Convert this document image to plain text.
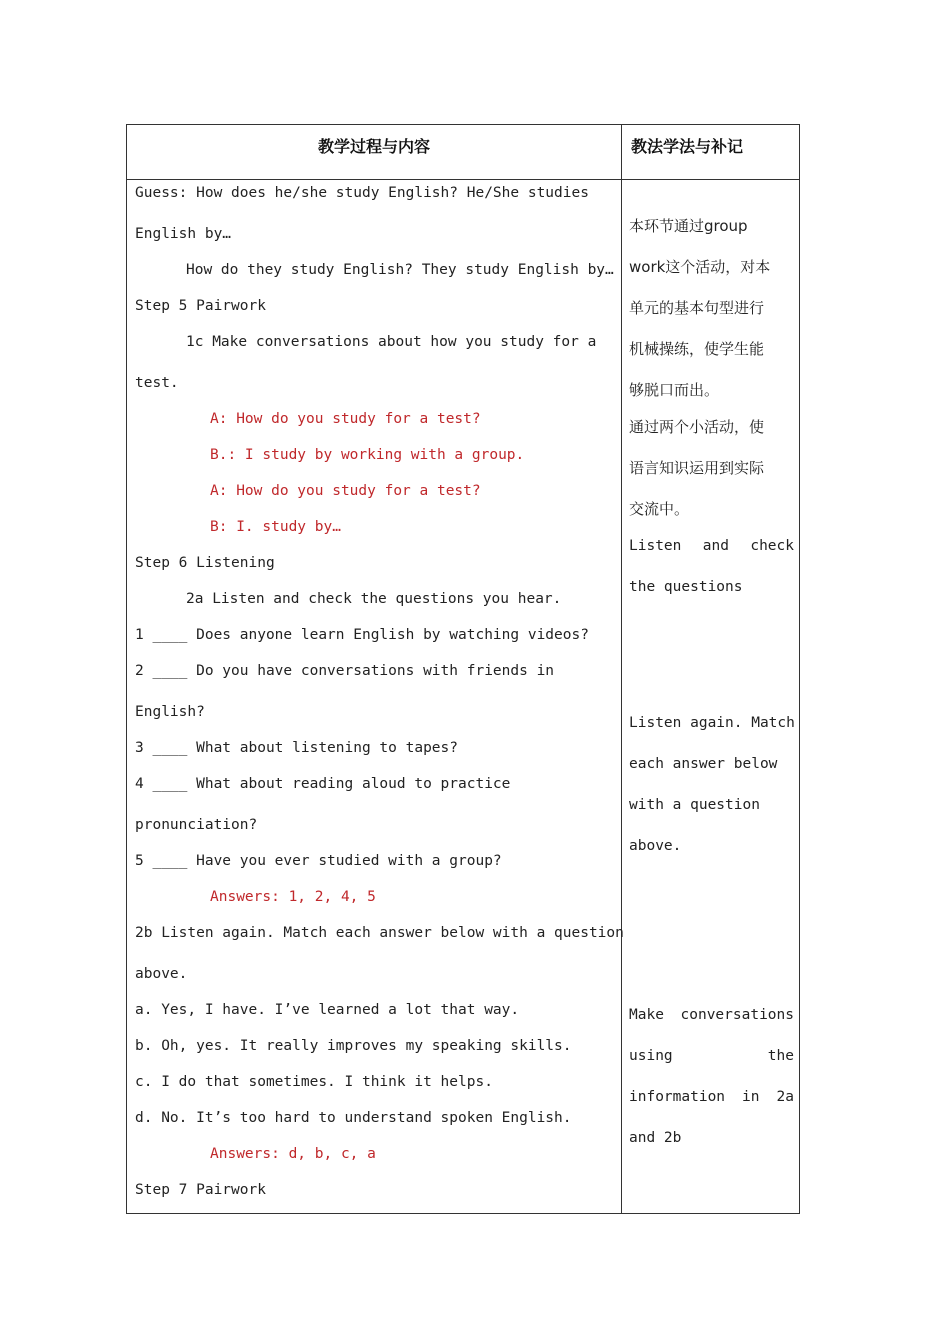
教学过程与内容	教法学法与补记
Guess: How does he/she study English? He/She studies
English by…
How do they study English? They study English by…
Step 5 Pairwork
1c Make conversations about how you study for a
test.
A: How do you study for a test?
B.: I study by working with a group.
A: How do you study for a test?
B: I. study by…
Step 6 Listening
2a Listen and check the questions you hear.
1 ____ Does anyone learn English by watching videos?
2 ____ Do you have conversations with friends in
English?
3 ____ What about listening to tapes?
4 ____ What about reading aloud to practice
pronunciation?
5 ____ Have you ever studied with a group?
Answers: 1, 2, 4, 5
2b Listen again. Match each answer below with a question
above.
a. Yes, I have. I’ve learned a lot that way.
b. Oh, yes. It really improves my speaking skills.
c. I do that sometimes. I think it helps.
d. No. It’s too hard to understand spoken English.
Answers: d, b, c, a
Step 7 Pairwork
本环节通过group
work这个活动，对本
单元的基本句型进行
机械操练，使学生能
够脱口而出。
通过两个小活动，使
语言知识运用到实际
交流中。
Listen and check
the questions
Listen again. Match
each answer below
with a question
above.
Make conversations
using the
information in 2a
and 2b
